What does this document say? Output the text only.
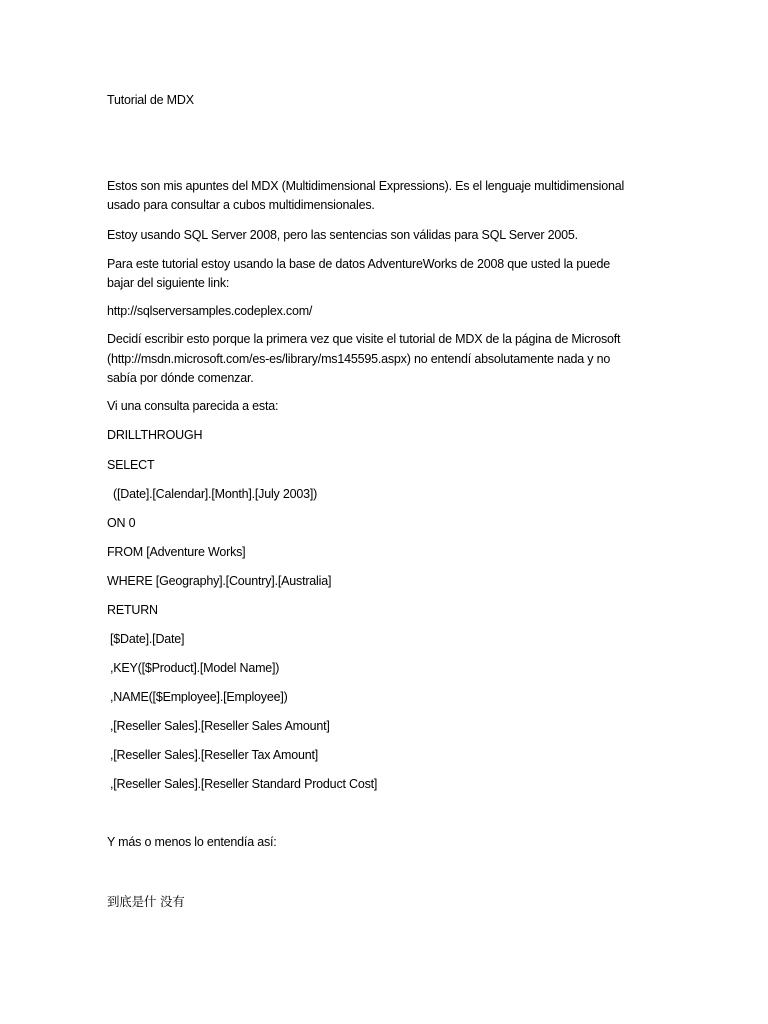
Tutorial de MDX
Estos son mis apuntes del MDX (Multidimensional Expressions). Es el lenguaje multidimensional
usado para consultar a cubos multidimensionales.
Estoy usando SQL Server 2008, pero las sentencias son válidas para SQL Server 2005.
Para este tutorial estoy usando la base de datos AdventureWorks de 2008 que usted la puede
bajar del siguiente link:
http://sqlserversamples.codeplex.com/
Decidí escribir esto porque la primera vez que visite el tutorial de MDX de la página de Microsoft
(http://msdn.microsoft.com/es-es/library/ms145595.aspx) no entendí absolutamente nada y no
sabía por dónde comenzar.
Vi una consulta parecida a esta:
DRILLTHROUGH
SELECT
([Date].[Calendar].[Month].[July 2003])
ON 0
FROM [Adventure Works]
WHERE [Geography].[Country].[Australia]
RETURN
[$Date].[Date]
,KEY([$Product].[Model Name])
,NAME([$Employee].[Employee])
,[Reseller Sales].[Reseller Sales Amount]
,[Reseller Sales].[Reseller Tax Amount]
,[Reseller Sales].[Reseller Standard Product Cost]
Y más o menos lo entendía así:
到底是什 没有
